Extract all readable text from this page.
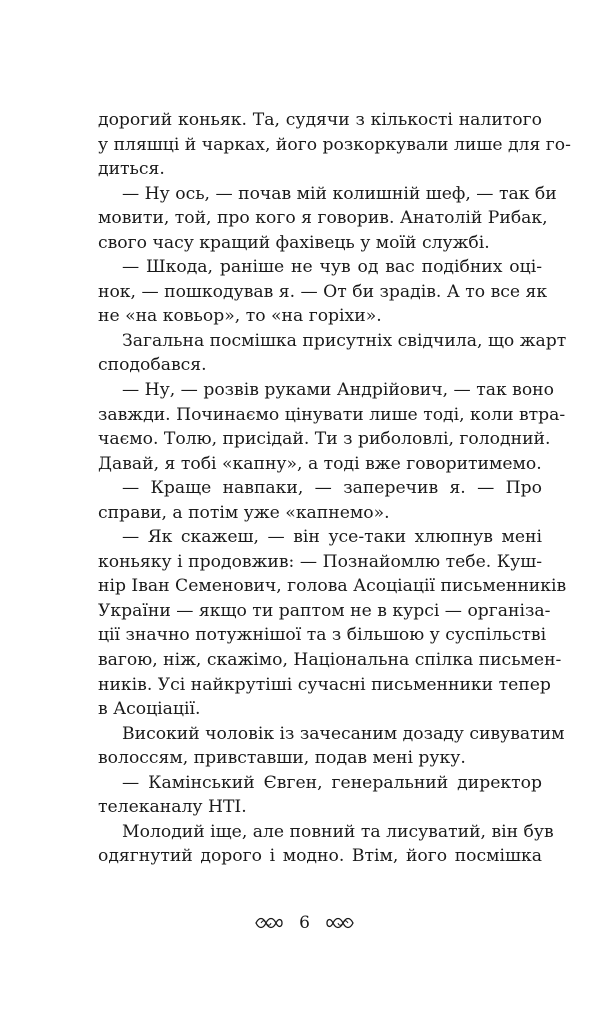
дорогий коньяк. Та, судячи з кількості налитого
у пляшці й чарках, його розкоркували лише для го-
диться.
— Ну ось, — почав мій колишній шеф, — так би
мовити, той, про кого я говорив. Анатолій Рибак,
свого часу кращий фахівець у моїй службі.
— Шкода, раніше не чув од вас подібних оці-
нок, — пошкодував я. — От би зрадів. А то все як
не «на ковьор», то «на горіхи».
Загальна посмішка присутніх свідчила, що жарт
сподобався.
— Ну, — розвів руками Андрійович, — так воно
завжди. Починаємо цінувати лише тоді, коли втра-
чаємо. Толю, присідай. Ти з риболовлі, голодний.
Давай, я тобі «капну», а тоді вже говоритимемо.
— Краще навпаки, — заперечив я. — Про
справи, а потім уже «капнемо».
— Як скажеш, — він усе-таки хлюпнув мені
коньяку і продовжив: — Познайомлю тебе. Куш-
нір Іван Семенович, голова Асоціації письменників
України — якщо ти раптом не в курсі — організа-
ції значно потужнішої та з більшою у суспільстві
вагою, ніж, скажімо, Національна спілка письмен-
ників. Усі найкрутіші сучасні письменники тепер
в Асоціації.
Високий чоловік із зачесаним дозаду сивуватим
волоссям, привставши, подав мені руку.
— Камінський Євген, генеральний директор
телеканалу НТІ.
Молодий іще, але повний та лисуватий, він був
одягнутий дорого і модно. Втім, його посмішка
6
